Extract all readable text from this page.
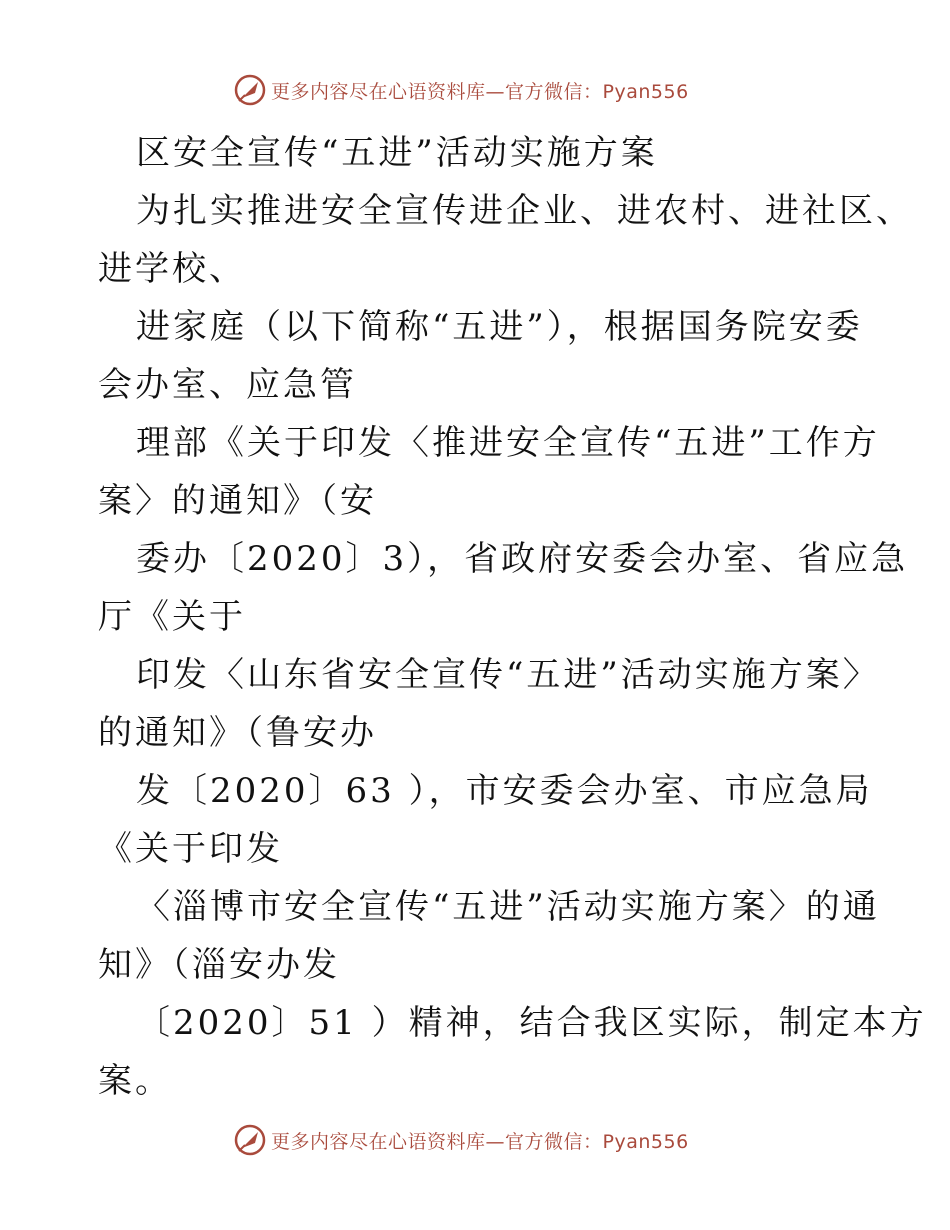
更多内容尽在心语资料库—官方微信：Pyan556
区安全宣传“五进”活动实施方案
为扎实推进安全宣传进企业、进农村、进社区、
进学校、
进家庭（以下简称“五进”），根据国务院安委
会办室、应急管
理部《关于印发〈推进安全宣传“五进”工作方
案〉的通知》（安
委办〔2020〕3），省政府安委会办室、省应急
厅《关于
印发〈山东省安全宣传“五进”活动实施方案〉
的通知》（鲁安办
发〔2020〕63 ），市安委会办室、市应急局
《关于印发
〈淄博市安全宣传“五进”活动实施方案〉的通
知》（淄安办发
〔2020〕51 ）精神，结合我区实际，制定本方
案。
更多内容尽在心语资料库—官方微信：Pyan556
